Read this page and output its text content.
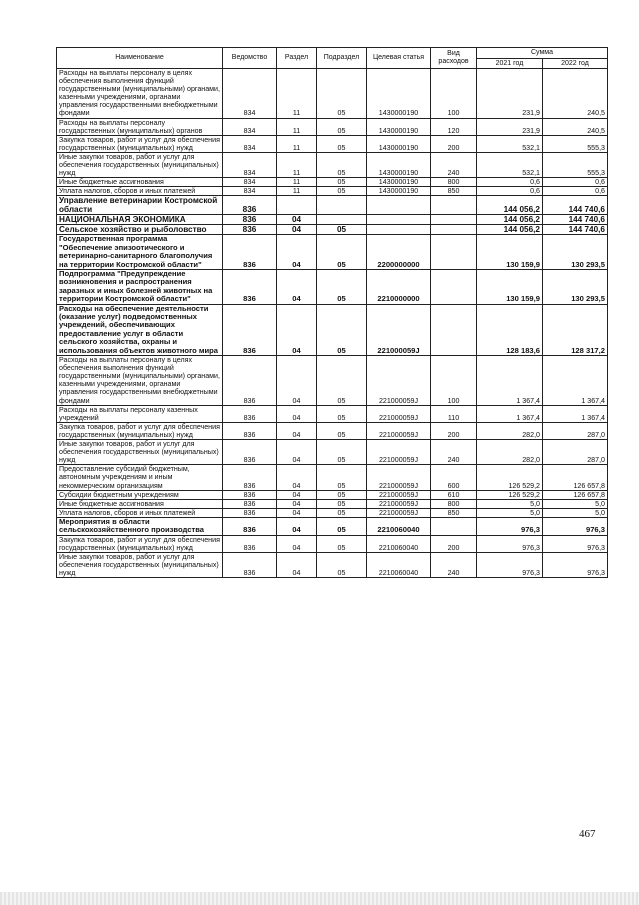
Наименование	Ведомство	Раздел	Подраздел	Целевая статья	Вид расходов	Сумма	
						2021 год	2022 год
Расходы на выплаты персоналу в целях обеспечения выполнения функций государственными (муниципальными) органами, казенными учреждениями, органами управления государственными внебюджетными фондами	834	11	05	1430000190	100	231,9	240,5
Расходы на выплаты персоналу государственных (муниципальных) органов	834	11	05	1430000190	120	231,9	240,5
Закупка товаров, работ и услуг для обеспечения государственных (муниципальных) нужд	834	11	05	1430000190	200	532,1	555,3
Иные закупки товаров, работ и услуг для обеспечения государственных (муниципальных) нужд	834	11	05	1430000190	240	532,1	555,3
Иные бюджетные ассигнования	834	11	05	1430000190	800	0,6	0,6
Уплата налогов, сборов и иных платежей	834	11	05	1430000190	850	0,6	0,6
Управление ветеринарии Костромской области	836					144 056,2	144 740,6
НАЦИОНАЛЬНАЯ ЭКОНОМИКА	836	04				144 056,2	144 740,6
Сельское хозяйство и рыболовство	836	04	05			144 056,2	144 740,6
Государственная программа "Обеспечение эпизоотического и ветеринарно-санитарного благополучия на территории Костромской области"	836	04	05	2200000000		130 159,9	130 293,5
Подпрограмма "Предупреждение возникновения и распространения заразных и иных болезней животных на территории Костромской области"	836	04	05	2210000000		130 159,9	130 293,5
Расходы на обеспечение деятельности (оказание услуг) подведомственных учреждений, обеспечивающих предоставление услуг в области сельского хозяйства, охраны и использования объектов животного мира	836	04	05	221000059J		128 183,6	128 317,2
Расходы на выплаты персоналу в целях обеспечения выполнения функций государственными (муниципальными) органами, казенными учреждениями, органами управления государственными внебюджетными фондами	836	04	05	221000059J	100	1 367,4	1 367,4
Расходы на выплаты персоналу казенных учреждений	836	04	05	221000059J	110	1 367,4	1 367,4
Закупка товаров, работ и услуг для обеспечения государственных (муниципальных) нужд	836	04	05	221000059J	200	282,0	287,0
Иные закупки товаров, работ и услуг для обеспечения государственных (муниципальных) нужд	836	04	05	221000059J	240	282,0	287,0
Предоставление субсидий бюджетным, автономным учреждениям и иным некоммерческим организациям	836	04	05	221000059J	600	126 529,2	126 657,8
Субсидии бюджетным учреждениям	836	04	05	221000059J	610	126 529,2	126 657,8
Иные бюджетные ассигнования	836	04	05	221000059J	800	5,0	5,0
Уплата налогов, сборов и иных платежей	836	04	05	221000059J	850	5,0	5,0
Мероприятия в области сельскохозяйственного производства	836	04	05	2210060040		976,3	976,3
Закупка товаров, работ и услуг для обеспечения государственных (муниципальных) нужд	836	04	05	2210060040	200	976,3	976,3
Иные закупки товаров, работ и услуг для обеспечения государственных (муниципальных) нужд	836	04	05	2210060040	240	976,3	976,3
467
